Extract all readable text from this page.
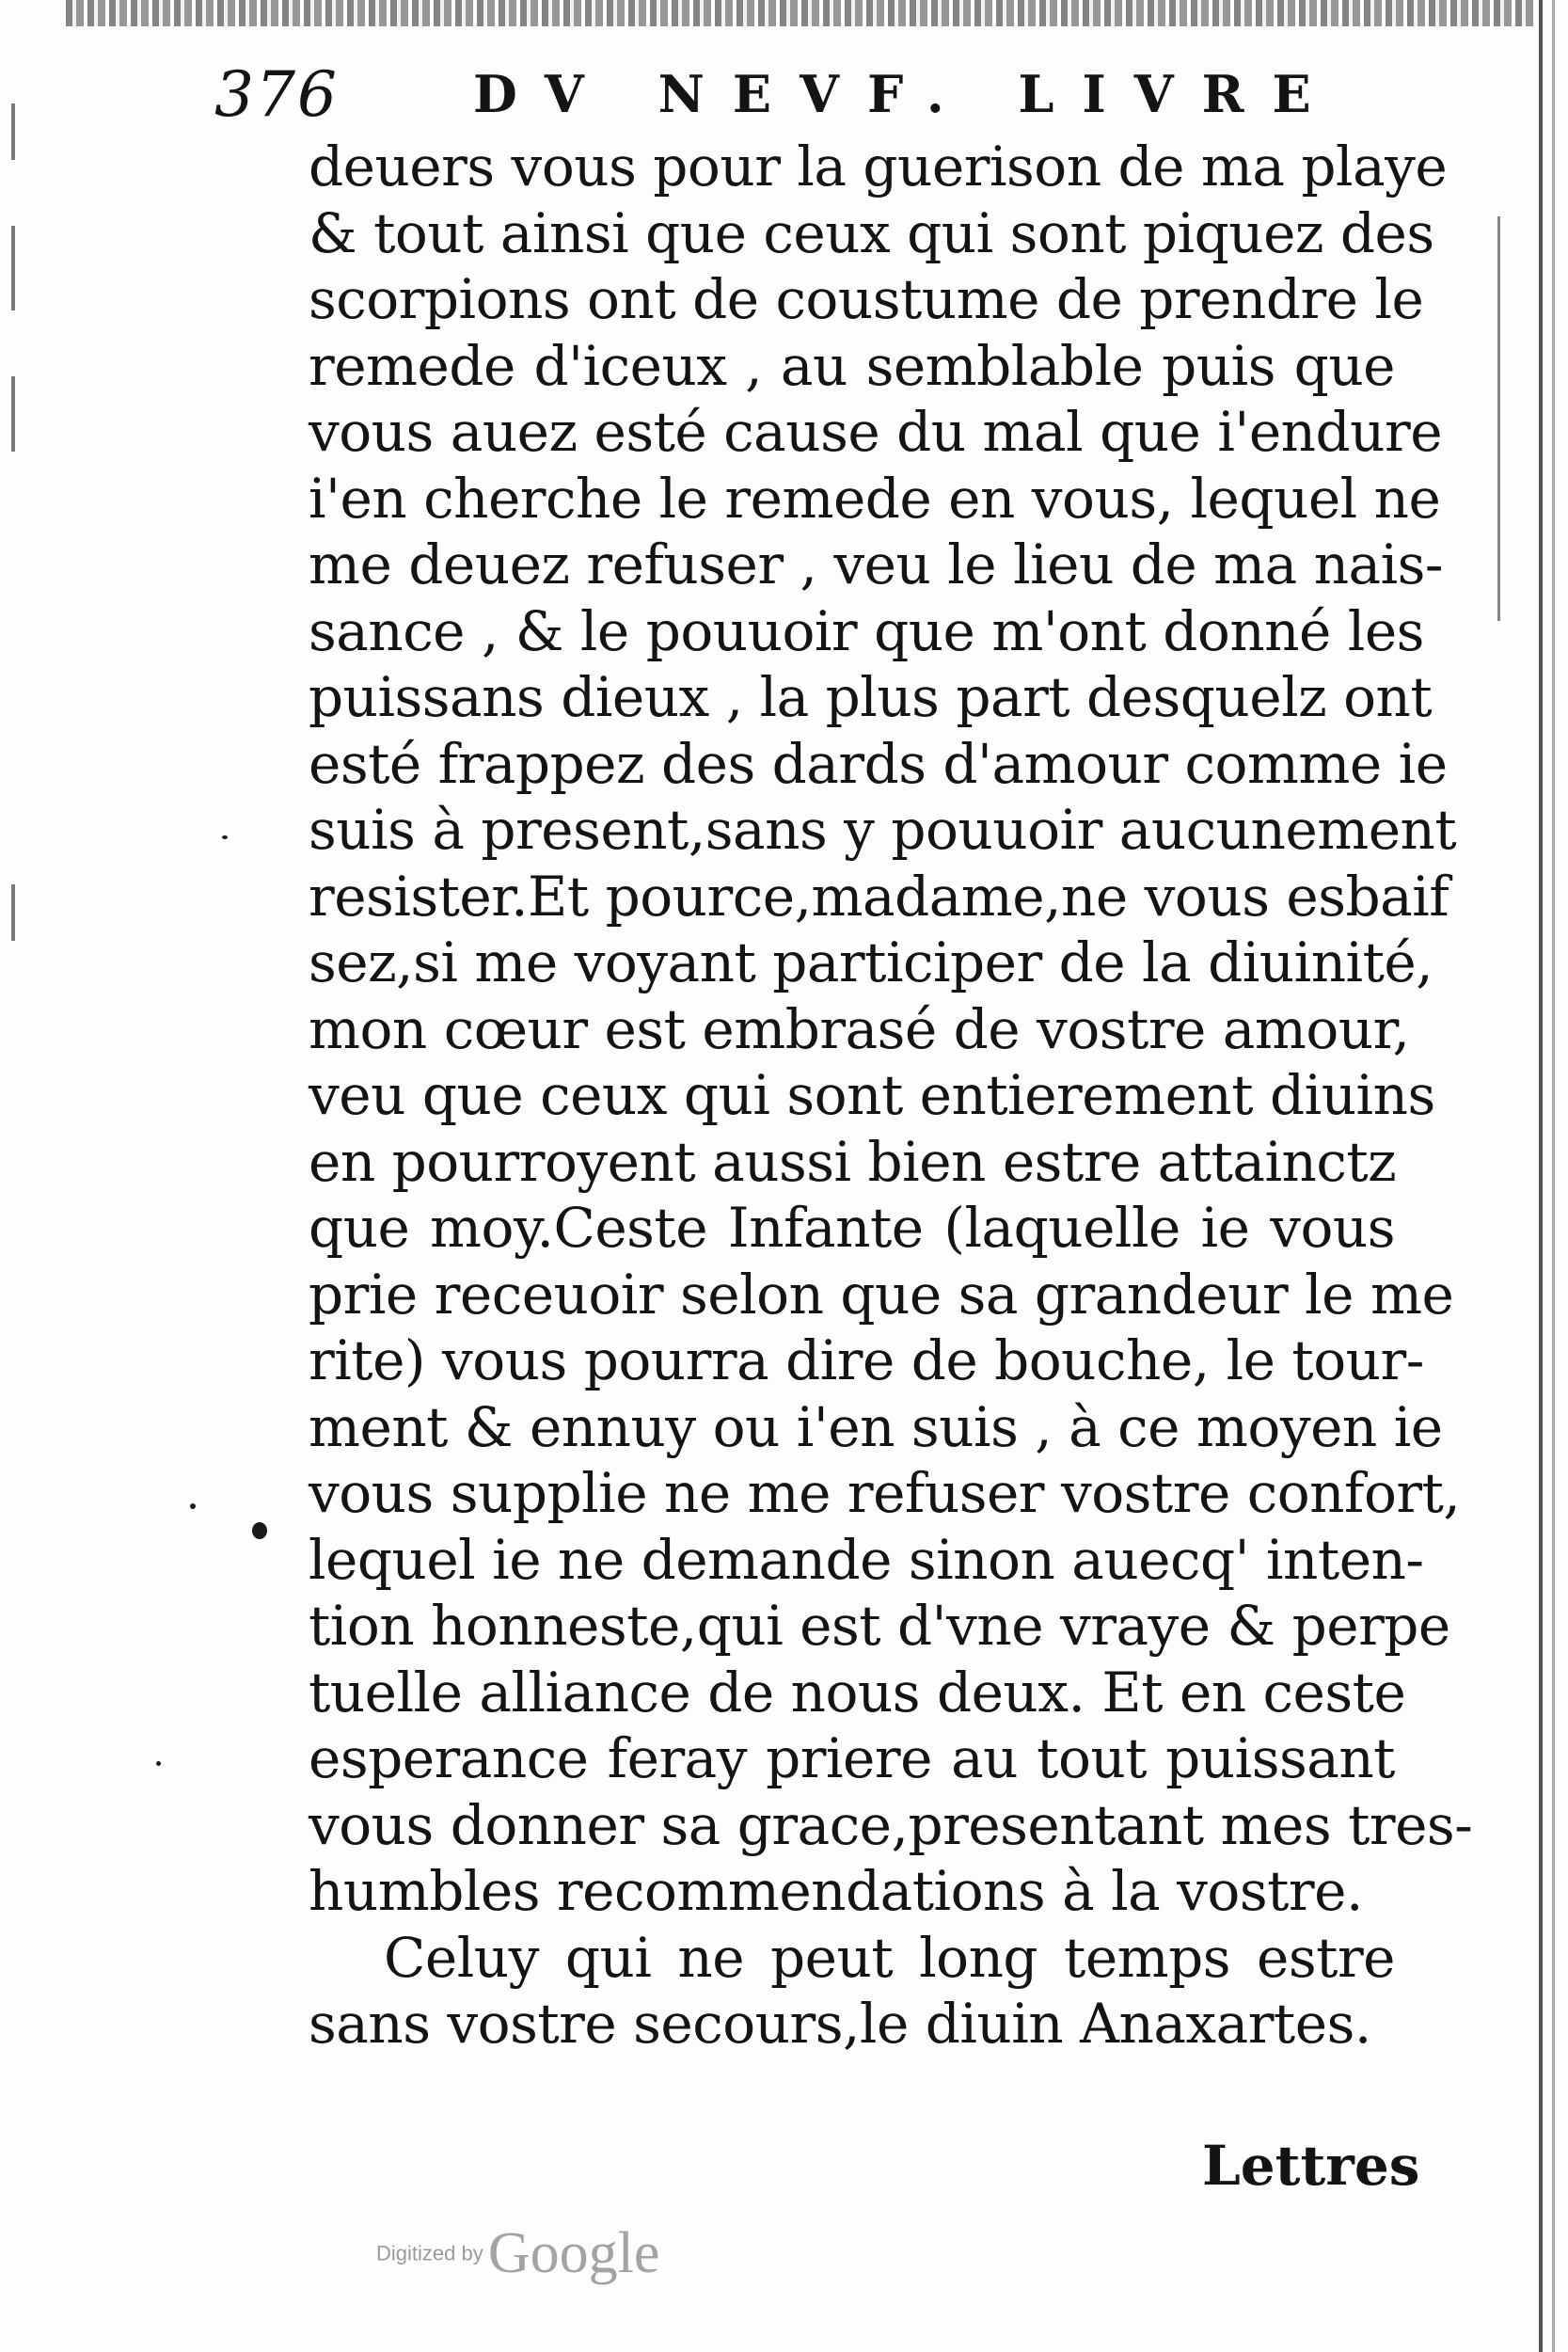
376	DV NEVF. LIVRE
deuers vous pour la guerison de ma playe
& tout ainsi que ceux qui sont piquez des
scorpions ont de coustume de prendre le
remede d'iceux , au semblable puis que
vous auez esté cause du mal que i'endure
i'en cherche le remede en vous, lequel ne
me deuez refuser , veu le lieu de ma nais-
sance , & le pouuoir que m'ont donné les
puissans dieux , la plus part desquelz ont
esté frappez des dards d'amour comme ie
suis à present,sans y pouuoir aucunement
resister.Et pource,madame,ne vous esbaif
sez,si me voyant participer de la diuinité,
mon cœur est embrasé de vostre amour,
veu que ceux qui sont entierement diuins
en pourroyent aussi bien estre attainctz
que moy.Ceste Infante (laquelle ie vous
prie receuoir selon que sa grandeur le me
rite) vous pourra dire de bouche, le tour-
ment & ennuy ou i'en suis , à ce moyen ie
vous supplie ne me refuser vostre confort,
lequel ie ne demande sinon auecq' inten-
tion honneste,qui est d'vne vraye & perpe
tuelle alliance de nous deux. Et en ceste
esperance feray priere au tout puissant
vous donner sa grace,presentant mes tres-
humbles recommendations à la vostre.
Celuy qui ne peut long temps estre
sans vostre secours,le diuin Anaxartes.
Lettres
Digitized by Google
